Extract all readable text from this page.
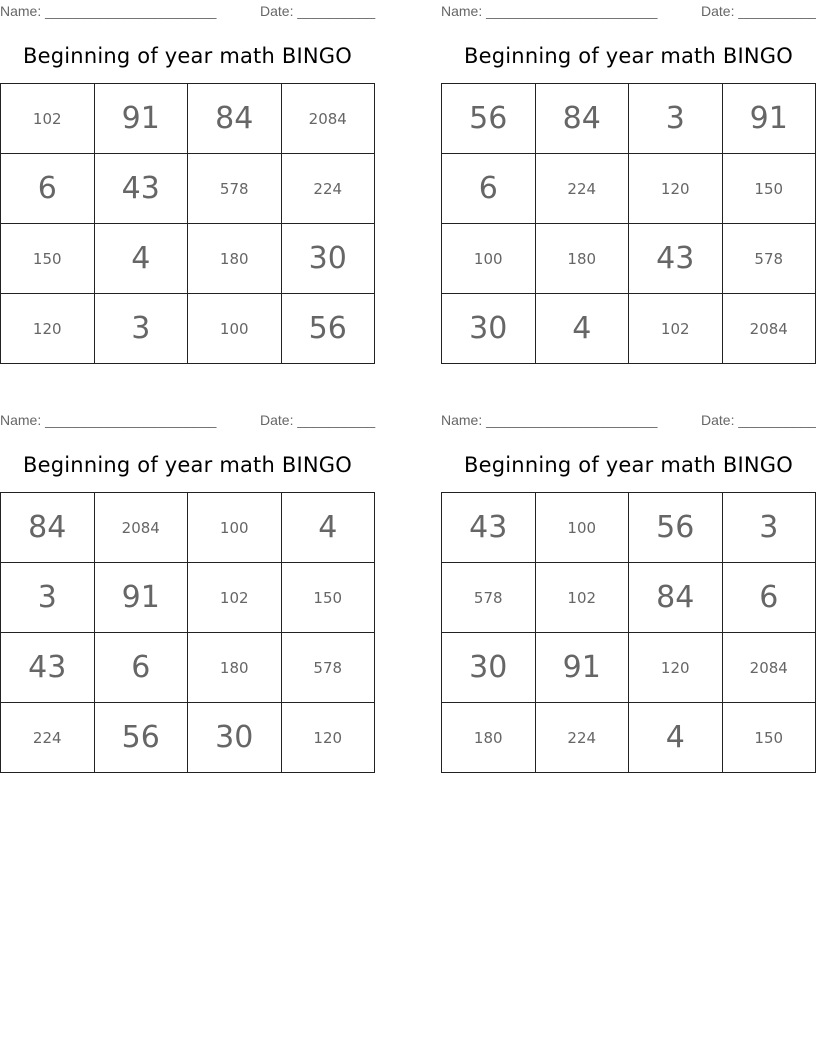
Name: ______________________	Date: __________
Beginning of year math BINGO
102	91	84	2084
6	43	578	224
150	4	180	30
120	3	100	56
Name: ______________________	Date: __________
Beginning of year math BINGO
56	84	3	91
6	224	120	150
100	180	43	578
30	4	102	2084
Name: ______________________	Date: __________
Beginning of year math BINGO
84	2084	100	4
3	91	102	150
43	6	180	578
224	56	30	120
Name: ______________________	Date: __________
Beginning of year math BINGO
43	100	56	3
578	102	84	6
30	91	120	2084
180	224	4	150
